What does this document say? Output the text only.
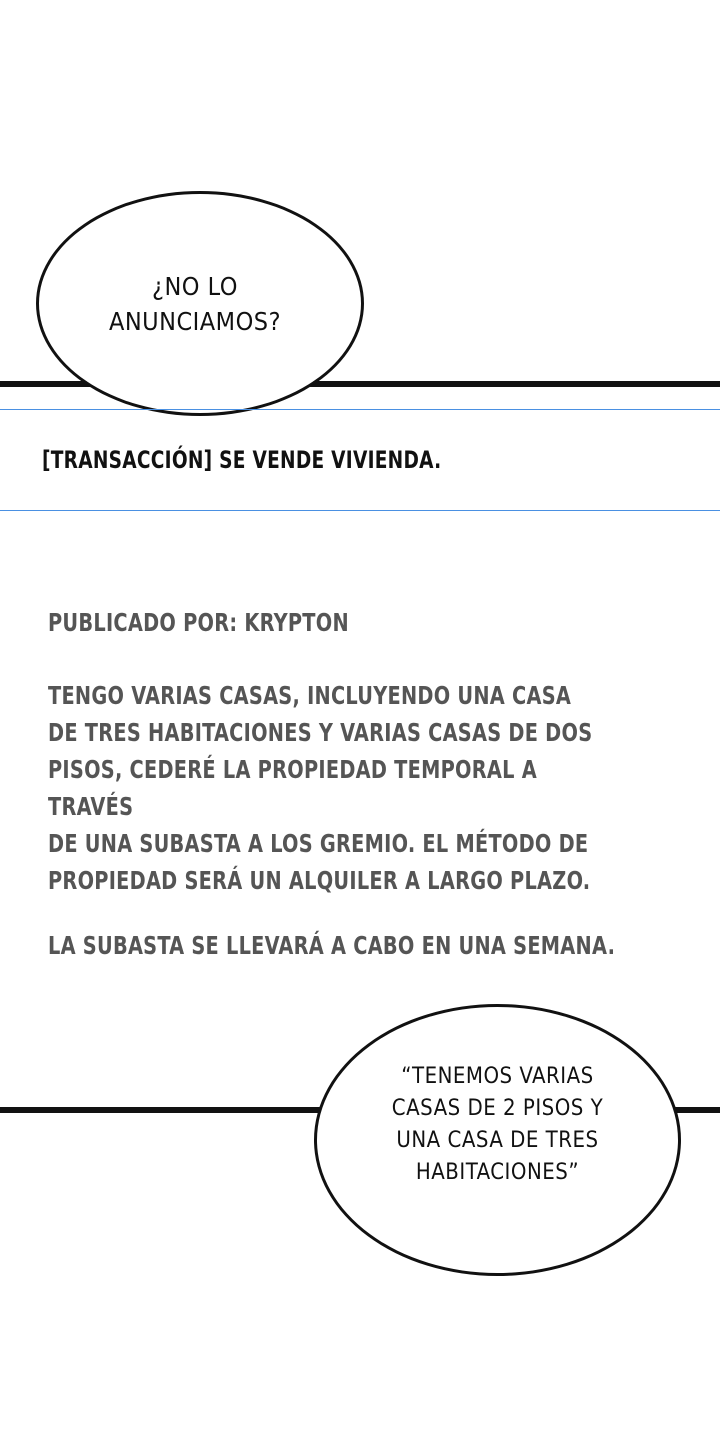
¿NO LO
ANUNCIAMOS?
[TRANSACCIÓN] SE VENDE VIVIENDA.
PUBLICADO POR: KRYPTON
TENGO VARIAS CASAS, INCLUYENDO UNA CASA
DE TRES HABITACIONES Y VARIAS CASAS DE DOS
PISOS, CEDERÉ LA PROPIEDAD TEMPORAL A TRAVÉS
DE UNA SUBASTA A LOS GREMIO. EL MÉTODO DE
PROPIEDAD SERÁ UN ALQUILER A LARGO PLAZO.
LA SUBASTA SE LLEVARÁ A CABO EN UNA SEMANA.
“TENEMOS VARIAS
CASAS DE 2 PISOS Y
UNA CASA DE TRES
HABITACIONES”
